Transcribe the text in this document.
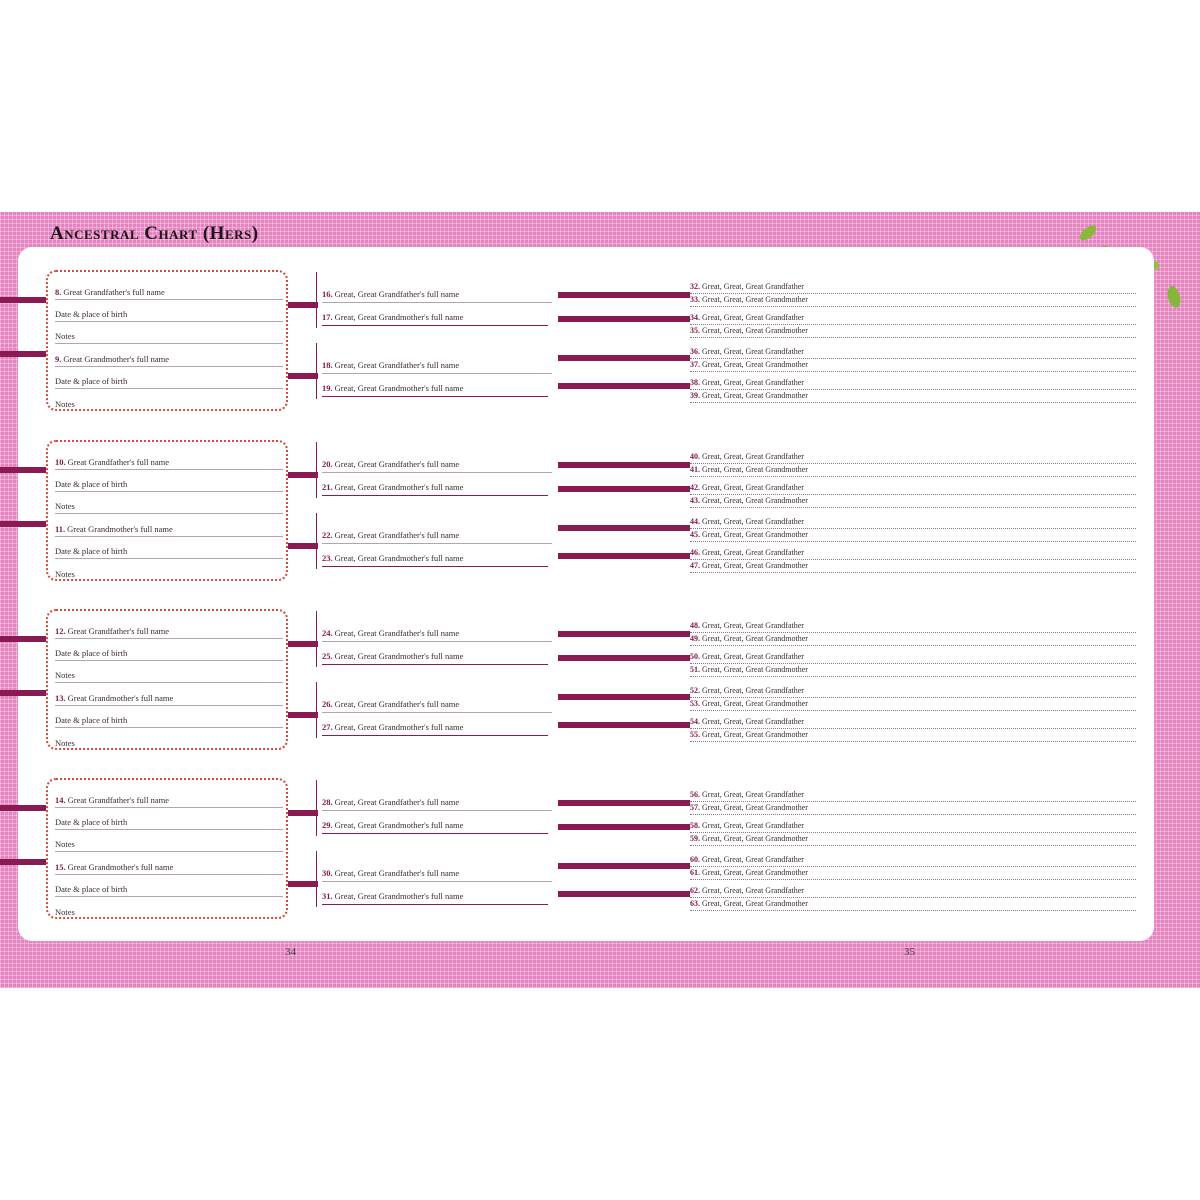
Ancestral Chart (Hers)
8. Great Grandfather's full name
Date & place of birth
Notes
9. Great Grandmother's full name
Date & place of birth
Notes
16. Great, Great Grandfather's full name
17. Great, Great Grandmother's full name
18. Great, Great Grandfather's full name
19. Great, Great Grandmother's full name
32. Great, Great, Great Grandfather
33. Great, Great, Great Grandmother
34. Great, Great, Great Grandfather
35. Great, Great, Great Grandmother
36. Great, Great, Great Grandfather
37. Great, Great, Great Grandmother
38. Great, Great, Great Grandfather
39. Great, Great, Great Grandmother
10. Great Grandfather's full name
Date & place of birth
Notes
11. Great Grandmother's full name
Date & place of birth
Notes
20. Great, Great Grandfather's full name
21. Great, Great Grandmother's full name
22. Great, Great Grandfather's full name
23. Great, Great Grandmother's full name
40. Great, Great, Great Grandfather
41. Great, Great, Great Grandmother
42. Great, Great, Great Grandfather
43. Great, Great, Great Grandmother
44. Great, Great, Great Grandfather
45. Great, Great, Great Grandmother
46. Great, Great, Great Grandfather
47. Great, Great, Great Grandmother
12. Great Grandfather's full name
Date & place of birth
Notes
13. Great Grandmother's full name
Date & place of birth
Notes
24. Great, Great Grandfather's full name
25. Great, Great Grandmother's full name
26. Great, Great Grandfather's full name
27. Great, Great Grandmother's full name
48. Great, Great, Great Grandfather
49. Great, Great, Great Grandmother
50. Great, Great, Great Grandfather
51. Great, Great, Great Grandmother
52. Great, Great, Great Grandfather
53. Great, Great, Great Grandmother
54. Great, Great, Great Grandfather
55. Great, Great, Great Grandmother
14. Great Grandfather's full name
Date & place of birth
Notes
15. Great Grandmother's full name
Date & place of birth
Notes
28. Great, Great Grandfather's full name
29. Great, Great Grandmother's full name
30. Great, Great Grandfather's full name
31. Great, Great Grandmother's full name
56. Great, Great, Great Grandfather
57. Great, Great, Great Grandmother
58. Great, Great, Great Grandfather
59. Great, Great, Great Grandmother
60. Great, Great, Great Grandfather
61. Great, Great, Great Grandmother
62. Great, Great, Great Grandfather
63. Great, Great, Great Grandmother
34	35
